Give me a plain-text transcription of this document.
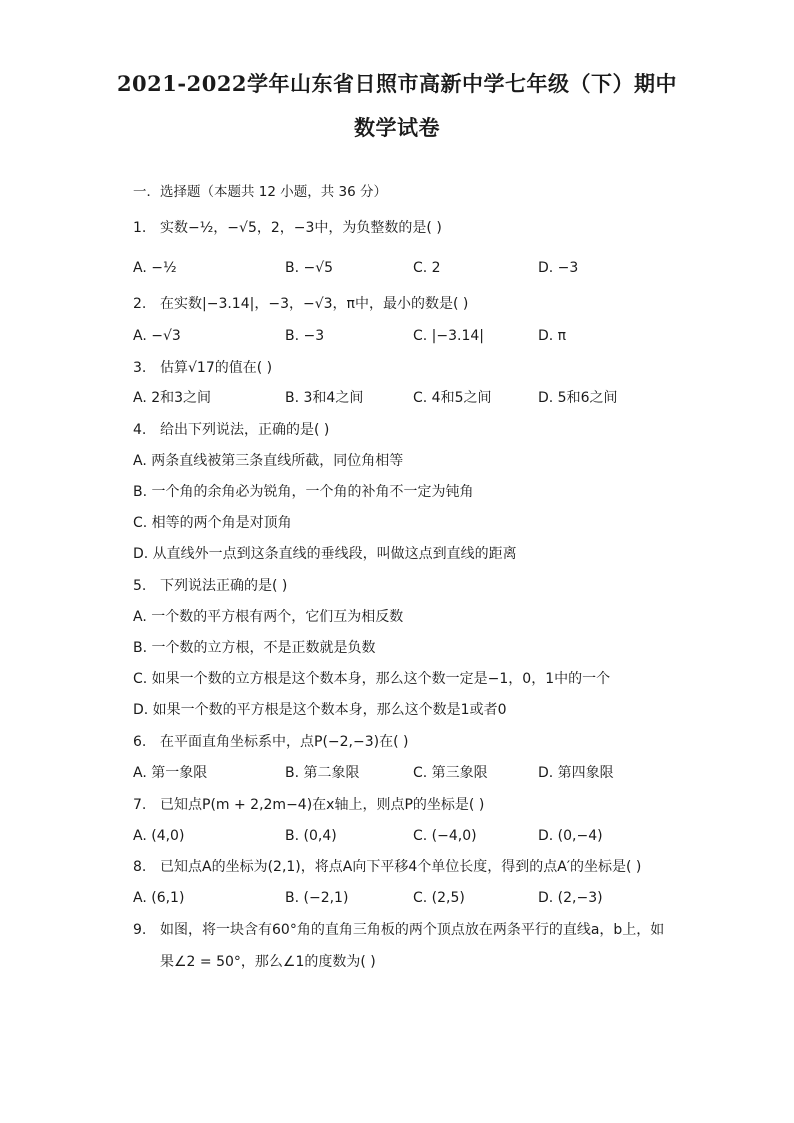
2021-2022学年山东省日照市高新中学七年级（下）期中
数学试卷
一．选择题（本题共 12 小题，共 36 分）
1. 实数−½，−√5，2，−3中，为负整数的是( )
A. −½	B. −√5	C. 2	D. −3
2. 在实数|−3.14|，−3，−√3，π中，最小的数是( )
A. −√3	B. −3	C. |−3.14|	D. π
3. 估算√17的值在( )
A. 2和3之间	B. 3和4之间	C. 4和5之间	D. 5和6之间
4. 给出下列说法，正确的是( )
A. 两条直线被第三条直线所截，同位角相等
B. 一个角的余角必为锐角，一个角的补角不一定为钝角
C. 相等的两个角是对顶角
D. 从直线外一点到这条直线的垂线段，叫做这点到直线的距离
5. 下列说法正确的是( )
A. 一个数的平方根有两个，它们互为相反数
B. 一个数的立方根，不是正数就是负数
C. 如果一个数的立方根是这个数本身，那么这个数一定是−1，0，1中的一个
D. 如果一个数的平方根是这个数本身，那么这个数是1或者0
6. 在平面直角坐标系中，点P(−2,−3)在( )
A. 第一象限	B. 第二象限	C. 第三象限	D. 第四象限
7. 已知点P(m + 2,2m−4)在x轴上，则点P的坐标是( )
A. (4,0)	B. (0,4)	C. (−4,0)	D. (0,−4)
8. 已知点A的坐标为(2,1)，将点A向下平移4个单位长度，得到的点A′的坐标是( )
A. (6,1)	B. (−2,1)	C. (2,5)	D. (2,−3)
9. 如图，将一块含有60°角的直角三角板的两个顶点放在两条平行的直线a，b上，如
果∠2 = 50°，那么∠1的度数为( )
